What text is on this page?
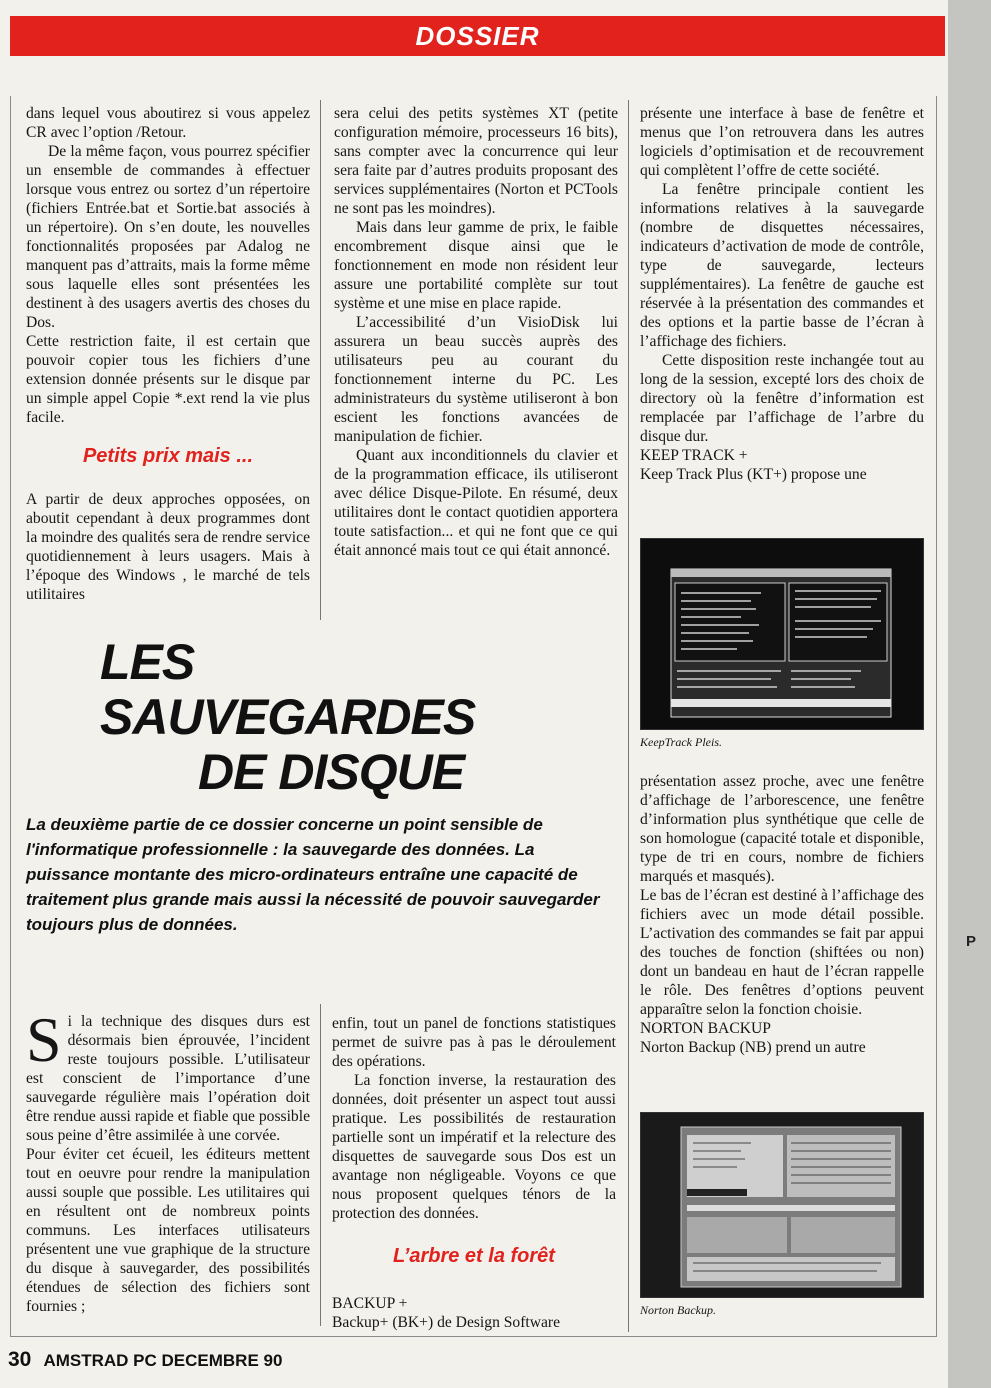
P
DOSSIER

dans lequel vous aboutirez si vous appelez CR avec l’option /Retour.

De la même façon, vous pourrez spécifier un ensemble de commandes à effectuer lorsque vous entrez ou sortez d’un répertoire (fichiers Entrée.bat et Sortie.bat associés à un répertoire). On s’en doute, les nouvelles fonctionnalités proposées par Adalog ne manquent pas d’attraits, mais la forme même sous laquelle elles sont présentées les destinent à des usagers avertis des choses du Dos.

Cette restriction faite, il est certain que pouvoir copier tous les fichiers d’une extension donnée présents sur le disque par un simple appel Copie *.ext rend la vie plus facile.

Petits prix mais ...

A partir de deux approches opposées, on aboutit cependant à deux programmes dont la moindre des qualités sera de rendre service quotidiennement à leurs usagers. Mais à l’époque des Windows , le marché de tels utilitaires

sera celui des petits systèmes XT (petite configuration mémoire, processeurs 16 bits), sans compter avec la concurrence qui leur sera faite par d’autres produits proposant des services supplémentaires (Norton et PCTools ne sont pas les moindres).

Mais dans leur gamme de prix, le faible encombrement disque ainsi que le fonctionnement en mode non résident leur assure une portabilité complète sur tout système et une mise en place rapide.

L’accessibilité d’un VisioDisk lui assurera un beau succès auprès des utilisateurs peu au courant du fonctionnement interne du PC. Les administrateurs du système utiliseront à bon escient les fonctions avancées de manipulation de fichier.

Quant aux inconditionnels du clavier et de la programmation efficace, ils utiliseront avec délice Disque-Pilote. En résumé, deux utilitaires dont le contact quotidien apportera toute satisfaction... et qui ne font que ce qui était annoncé mais tout ce qui était annoncé.

présente une interface à base de fenêtre et menus que l’on retrouvera dans les autres logiciels d’optimisation et de recouvrement qui complètent l’offre de cette société.

La fenêtre principale contient les informations relatives à la sauvegarde (nombre de disquettes nécessaires, indicateurs d’activation de mode de contrôle, type de sauvegarde, lecteurs supplémentaires). La fenêtre de gauche est réservée à la présentation des commandes et des options et la partie basse de l’écran à l’affichage des fichiers.

Cette disposition reste inchangée tout au long de la session, excepté lors des choix de directory où la fenêtre d’information est remplacée par l’affichage de l’arbre du disque dur.

KEEP TRACK +

Keep Track Plus (KT+) propose une

KeepTrack Pleis.

présentation assez proche, avec une fenêtre d’affichage de l’arborescence, une fenêtre d’information plus synthétique que celle de son homologue (capacité totale et disponible, type de tri en cours, nombre de fichiers marqués et masqués).

Le bas de l’écran est destiné à l’affichage des fichiers avec un mode détail possible. L’activation des commandes se fait par appui des touches de fonction (shiftées ou non) dont un bandeau en haut de l’écran rappelle le rôle. Des fenêtres d’options peuvent apparaître selon la fonction choisie.

NORTON BACKUP

Norton Backup (NB) prend un autre

Norton Backup.
LES SAUVEGARDES
DE DISQUE
La deuxième partie de ce dossier concerne un point sensible de l'informatique professionnelle : la sauvegarde des données. La puissance montante des micro-ordinateurs entraîne une capacité de traitement plus grande mais aussi la nécessité de pouvoir sauvegarder toujours plus de données.

Si la technique des disques durs est désormais bien éprouvée, l’incident reste toujours possible. L’utilisateur est conscient de l’importance d’une sauvegarde régulière mais l’opération doit être rendue aussi rapide et fiable que possible sous peine d’être assimilée à une corvée.

Pour éviter cet écueil, les éditeurs mettent tout en oeuvre pour rendre la manipulation aussi souple que possible. Les utilitaires qui en résultent ont de nombreux points communs. Les interfaces utilisateurs présentent une vue graphique de la structure du disque à sauvegarder, des possibilités étendues de sélection des fichiers sont fournies ;

enfin, tout un panel de fonctions statistiques permet de suivre pas à pas le déroulement des opérations.

La fonction inverse, la restauration des données, doit présenter un aspect tout aussi pratique. Les possibilités de restauration partielle sont un impératif et la relecture des disquettes de sauvegarde sous Dos est un avantage non négligeable. Voyons ce que nous proposent quelques ténors de la protection des données.

L’arbre et la forêt

BACKUP +

Backup+ (BK+) de Design Software

30 AMSTRAD PC DECEMBRE 90
